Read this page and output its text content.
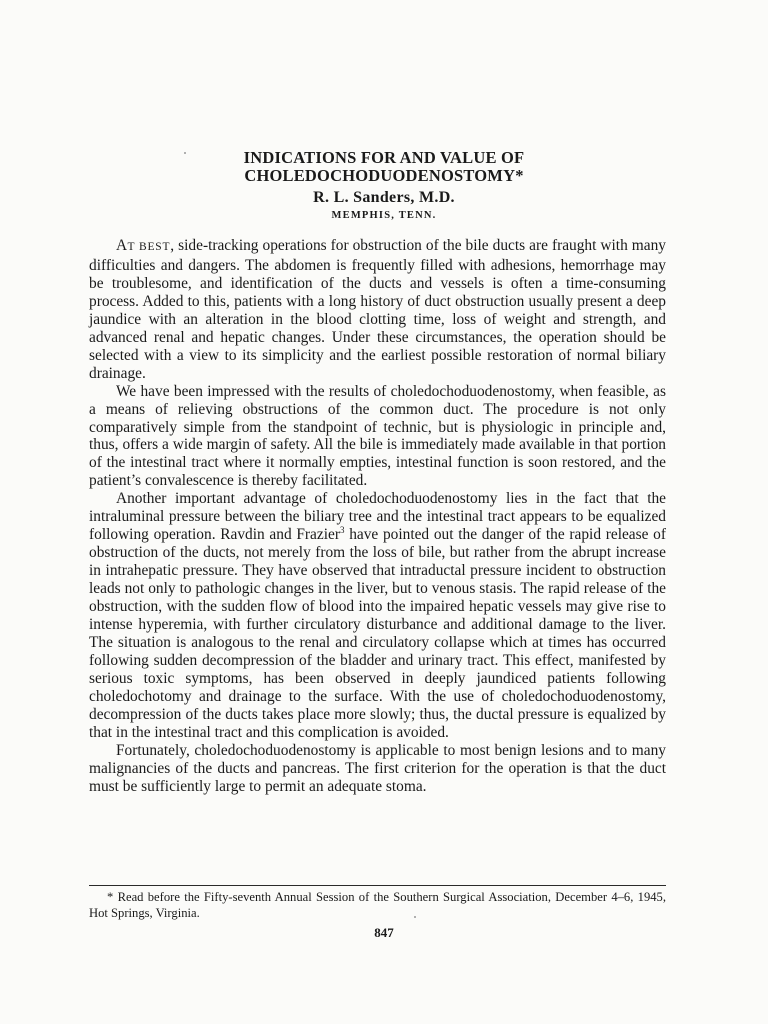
INDICATIONS FOR AND VALUE OF
CHOLEDOCHODUODENOSTOMY*
R. L. Sanders, M.D.
MEMPHIS, TENN.

AT BEST, side-tracking operations for obstruction of the bile ducts are fraught with many difficulties and dangers. The abdomen is frequently filled with adhesions, hemorrhage may be troublesome, and identification of the ducts and vessels is often a time-consuming process. Added to this, patients with a long history of duct obstruction usually present a deep jaundice with an alteration in the blood clotting time, loss of weight and strength, and advanced renal and hepatic changes. Under these circumstances, the operation should be selected with a view to its simplicity and the earliest possible restoration of normal biliary drainage.

We have been impressed with the results of choledochoduodenostomy, when feasible, as a means of relieving obstructions of the common duct. The procedure is not only comparatively simple from the standpoint of technic, but is physiologic in principle and, thus, offers a wide margin of safety. All the bile is immediately made available in that portion of the intestinal tract where it normally empties, intestinal function is soon restored, and the patient’s convalescence is thereby facilitated.

Another important advantage of choledochoduodenostomy lies in the fact that the intraluminal pressure between the biliary tree and the intestinal tract appears to be equalized following operation. Ravdin and Frazier$^3$ have pointed out the danger of the rapid release of obstruction of the ducts, not merely from the loss of bile, but rather from the abrupt increase in intrahepatic pressure. They have observed that intraductal pressure incident to obstruction leads not only to pathologic changes in the liver, but to venous stasis. The rapid release of the obstruction, with the sudden flow of blood into the impaired hepatic vessels may give rise to intense hyperemia, with further circulatory disturbance and additional damage to the liver. The situation is analogous to the renal and circulatory collapse which at times has occurred following sudden decompression of the bladder and urinary tract. This effect, manifested by serious toxic symptoms, has been observed in deeply jaundiced patients following choledochotomy and drainage to the surface. With the use of choledochoduodenostomy, decompression of the ducts takes place more slowly; thus, the ductal pressure is equalized by that in the intestinal tract and this complication is avoided.

Fortunately, choledochoduodenostomy is applicable to most benign lesions and to many malignancies of the ducts and pancreas. The first criterion for the operation is that the duct must be sufficiently large to permit an adequate stoma.

* Read before the Fifty-seventh Annual Session of the Southern Surgical Association, December 4–6, 1945, Hot Springs, Virginia.
847
